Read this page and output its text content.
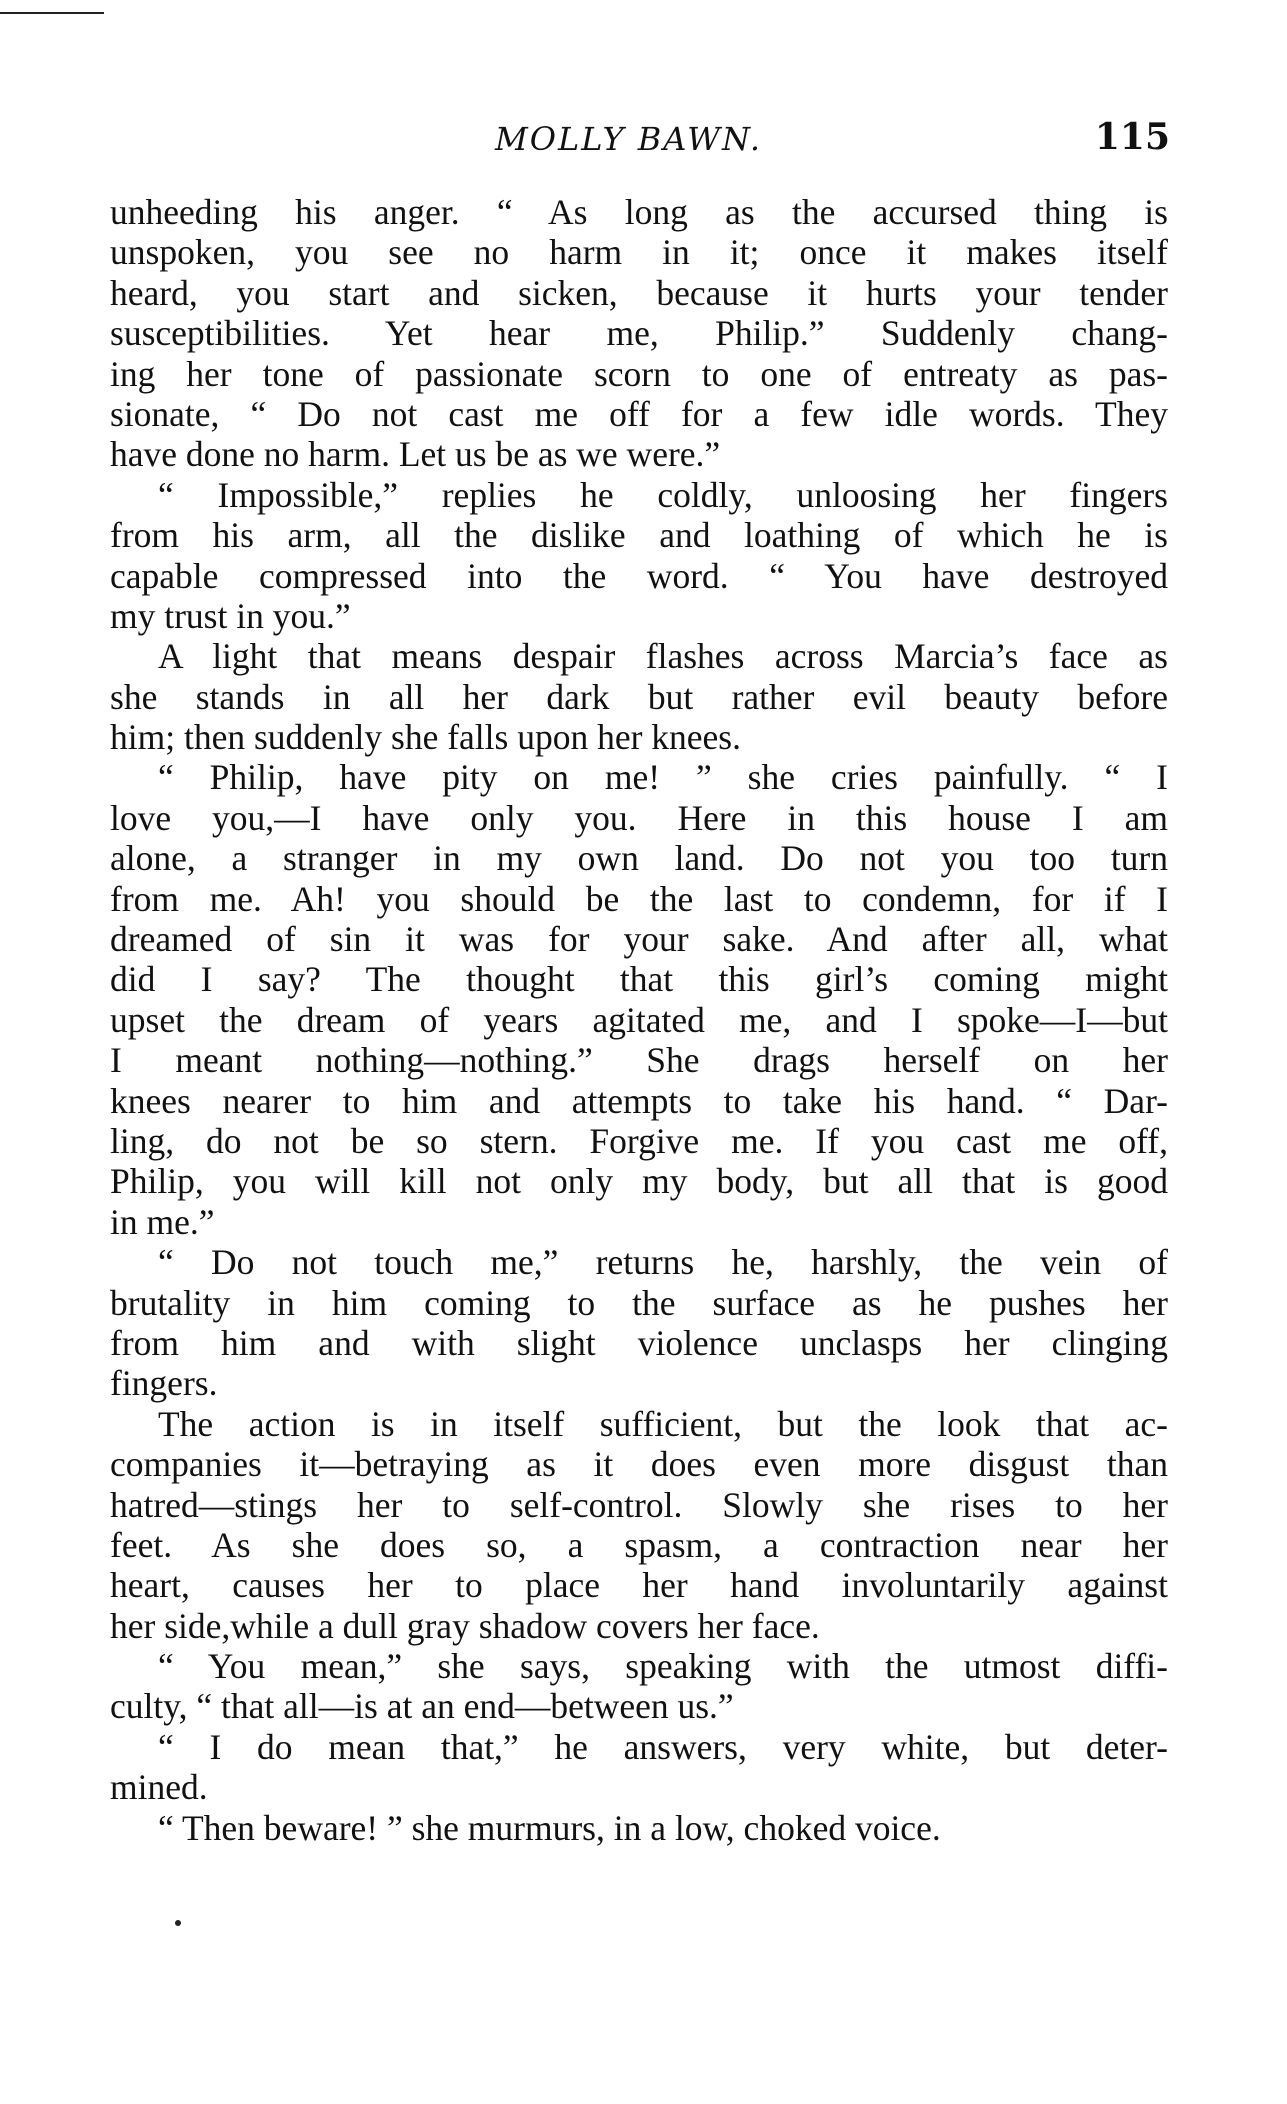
MOLLY BAWN.	115
unheeding his anger. “ As long as the accursed thing is
unspoken, you see no harm in it; once it makes itself
heard, you start and sicken, because it hurts your tender
susceptibilities. Yet hear me, Philip.” Suddenly chang-
ing her tone of passionate scorn to one of entreaty as pas-
sionate, “ Do not cast me off for a few idle words. They
have done no harm. Let us be as we were.”
“ Impossible,” replies he coldly, unloosing her fingers
from his arm, all the dislike and loathing of which he is
capable compressed into the word. “ You have destroyed
my trust in you.”
A light that means despair flashes across Marcia’s face as
she stands in all her dark but rather evil beauty before
him; then suddenly she falls upon her knees.
“ Philip, have pity on me! ” she cries painfully. “ I
love you,—I have only you. Here in this house I am
alone, a stranger in my own land. Do not you too turn
from me. Ah! you should be the last to condemn, for if I
dreamed of sin it was for your sake. And after all, what
did I say? The thought that this girl’s coming might
upset the dream of years agitated me, and I spoke—I—but
I meant nothing—nothing.” She drags herself on her
knees nearer to him and attempts to take his hand. “ Dar-
ling, do not be so stern. Forgive me. If you cast me off,
Philip, you will kill not only my body, but all that is good
in me.”
“ Do not touch me,” returns he, harshly, the vein of
brutality in him coming to the surface as he pushes her
from him and with slight violence unclasps her clinging
fingers.
The action is in itself sufficient, but the look that ac-
companies it—betraying as it does even more disgust than
hatred—stings her to self-control. Slowly she rises to her
feet. As she does so, a spasm, a contraction near her
heart, causes her to place her hand involuntarily against
her side,while a dull gray shadow covers her face.
“ You mean,” she says, speaking with the utmost diffi-
culty, “ that all—is at an end—between us.”
“ I do mean that,” he answers, very white, but deter-
mined.
“ Then beware! ” she murmurs, in a low, choked voice.
